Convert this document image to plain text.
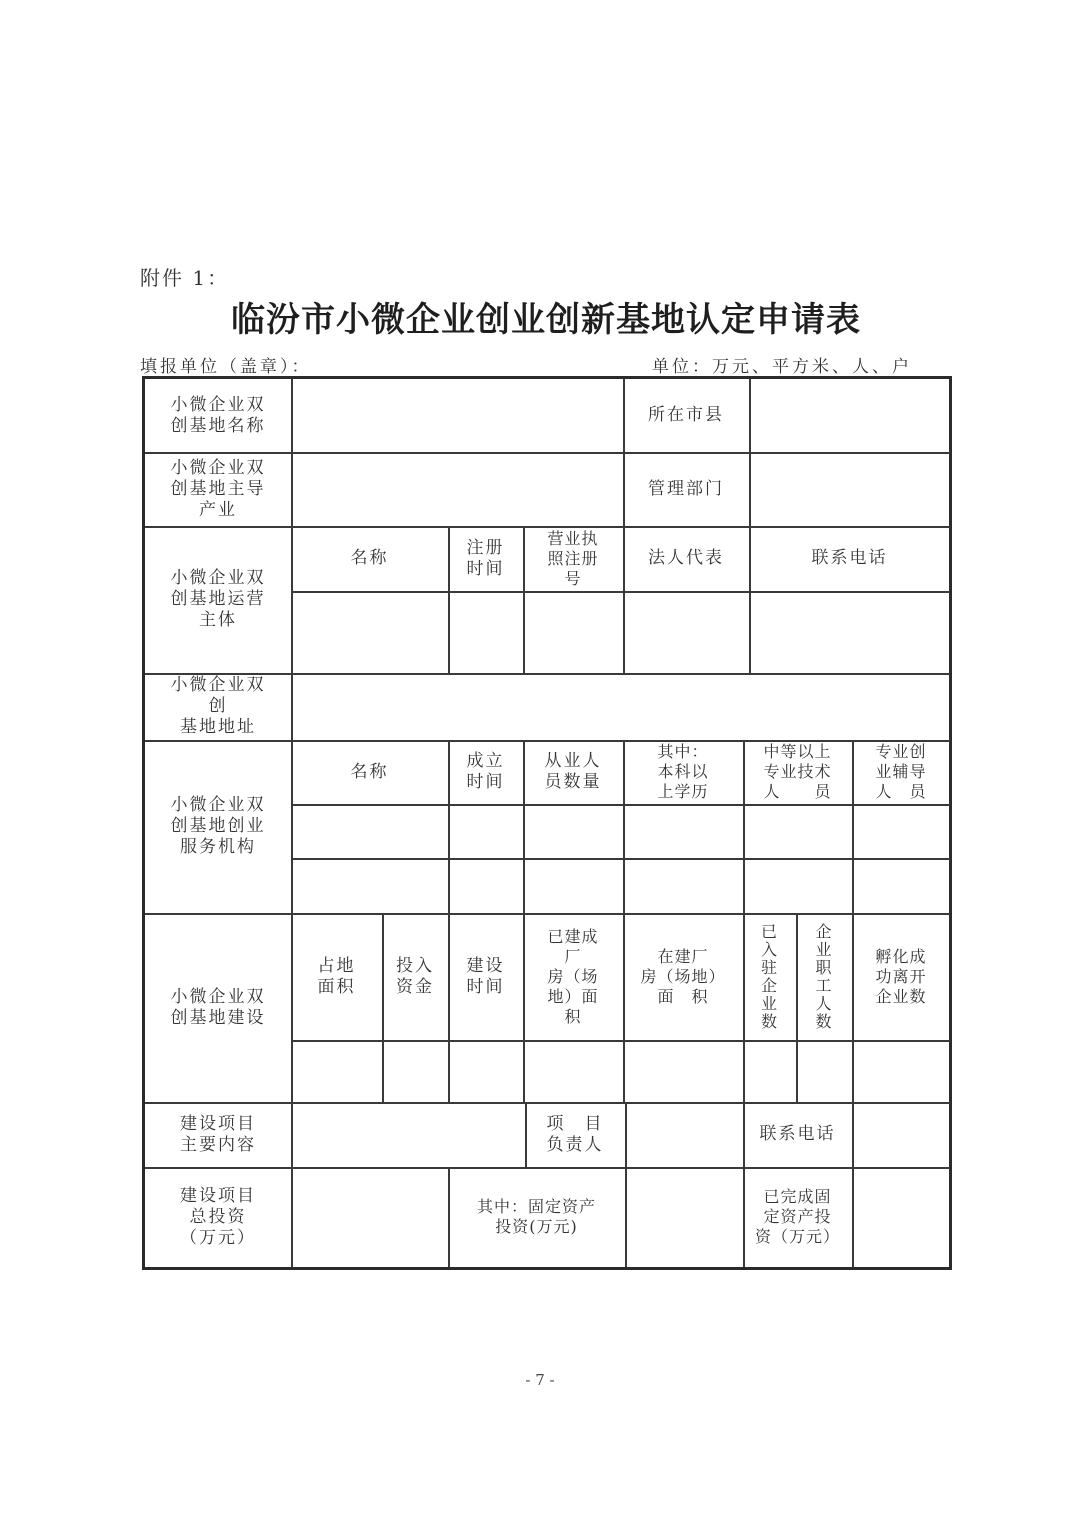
附件 1：
临汾市小微企业创业创新基地认定申请表
填报单位（盖章）：	单位：万元、平方米、人、户
小微企业双
创基地名称
所在市县
小微企业双
创基地主导
产业
管理部门
小微企业双
创基地运营
主体
名称
注册
时间
营业执
照注册
号
法人代表	联系电话
小微企业双
创
基地地址
小微企业双
创基地创业
服务机构
名称
成立
时间
从业人
员数量
其中：
本科以
上学历
中等以上
专业技术
人　　员
专业创
业辅导
人　员
小微企业双
创基地建设
占地
面积
投入
资金
建设
时间
已建成
厂
房（场
地）面
积
在建厂
房（场地）
面　积
已
入
驻
企
业
数
企
业
职
工
人
数
孵化成
功离开
企业数
建设项目
主要内容
项　目
负责人
联系电话
建设项目
总投资
（万元）
其中：固定资产
投资(万元)
已完成固
定资产投
资（万元）
- 7 -
